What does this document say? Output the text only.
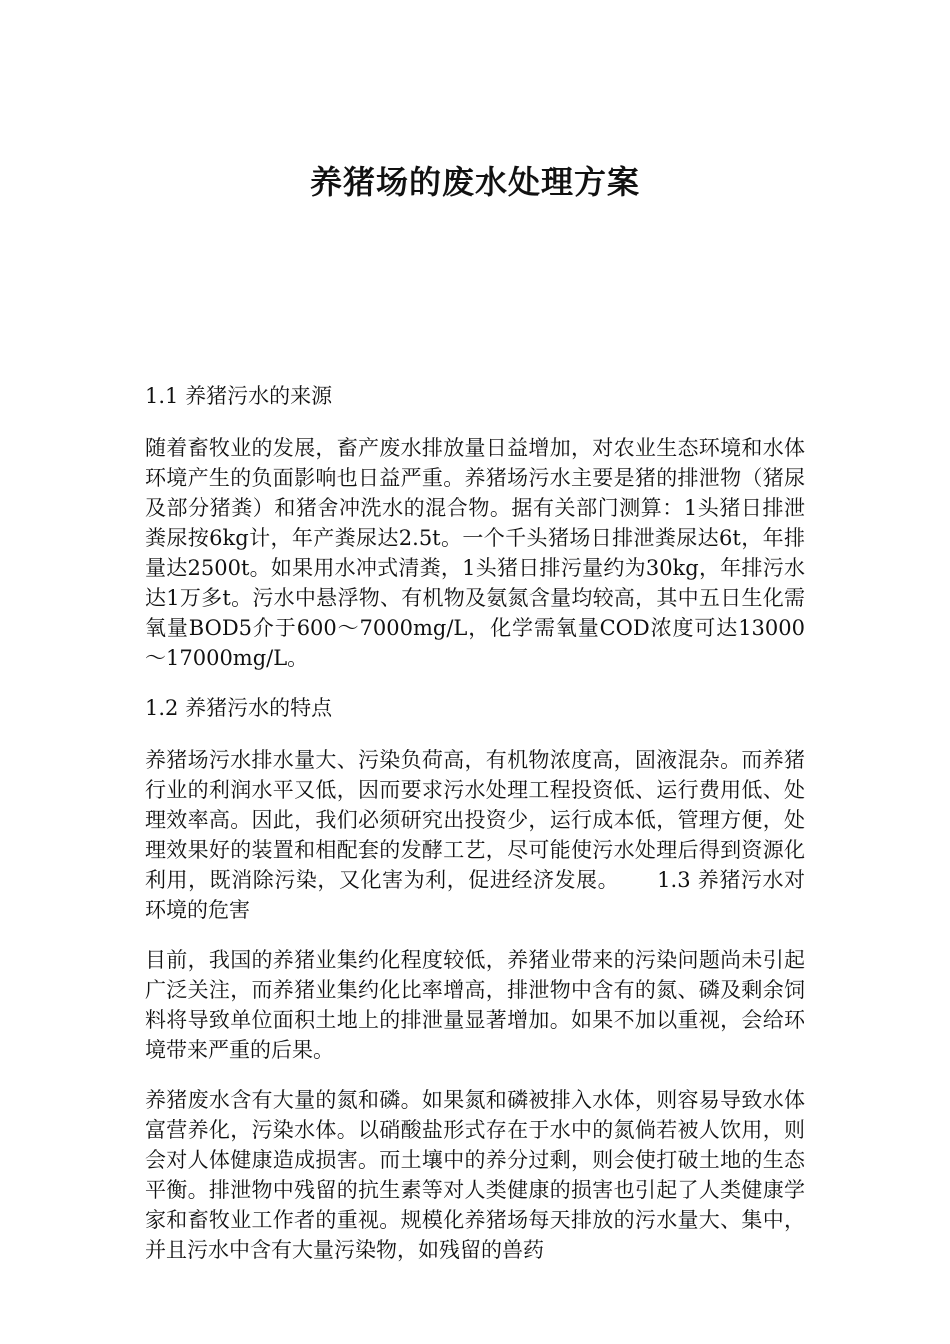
养猪场的废水处理方案
1.1 养猪污水的来源

随着畜牧业的发展，畜产废水排放量日益增加，对农业生态环境和水体环境产生的负面影响也日益严重。养猪场污水主要是猪的排泄物（猪尿及部分猪粪）和猪舍冲洗水的混合物。据有关部门测算：1头猪日排泄粪尿按6kg计，年产粪尿达2.5t。一个千头猪场日排泄粪尿达6t，年排量达2500t。如果用水冲式清粪，1头猪日排污量约为30kg，年排污水达1万多t。污水中悬浮物、有机物及氨氮含量均较高，其中五日生化需氧量BOD5介于600～7000mg/L，化学需氧量COD浓度可达13000～17000mg/L。

1.2 养猪污水的特点

养猪场污水排水量大、污染负荷高，有机物浓度高，固液混杂。而养猪行业的利润水平又低，因而要求污水处理工程投资低、运行费用低、处理效率高。因此，我们必须研究出投资少，运行成本低，管理方便，处理效果好的装置和相配套的发酵工艺，尽可能使污水处理后得到资源化利用，既消除污染，又化害为利，促进经济发展。 1.3 养猪污水对环境的危害

目前，我国的养猪业集约化程度较低，养猪业带来的污染问题尚未引起广泛关注，而养猪业集约化比率增高，排泄物中含有的氮、磷及剩余饲料将导致单位面积土地上的排泄量显著增加。如果不加以重视，会给环境带来严重的后果。

养猪废水含有大量的氮和磷。如果氮和磷被排入水体，则容易导致水体富营养化，污染水体。以硝酸盐形式存在于水中的氮倘若被人饮用，则会对人体健康造成损害。而土壤中的养分过剩，则会使打破土地的生态平衡。排泄物中残留的抗生素等对人类健康的损害也引起了人类健康学家和畜牧业工作者的重视。规模化养猪场每天排放的污水量大、集中，并且污水中含有大量污染物，如残留的兽药
